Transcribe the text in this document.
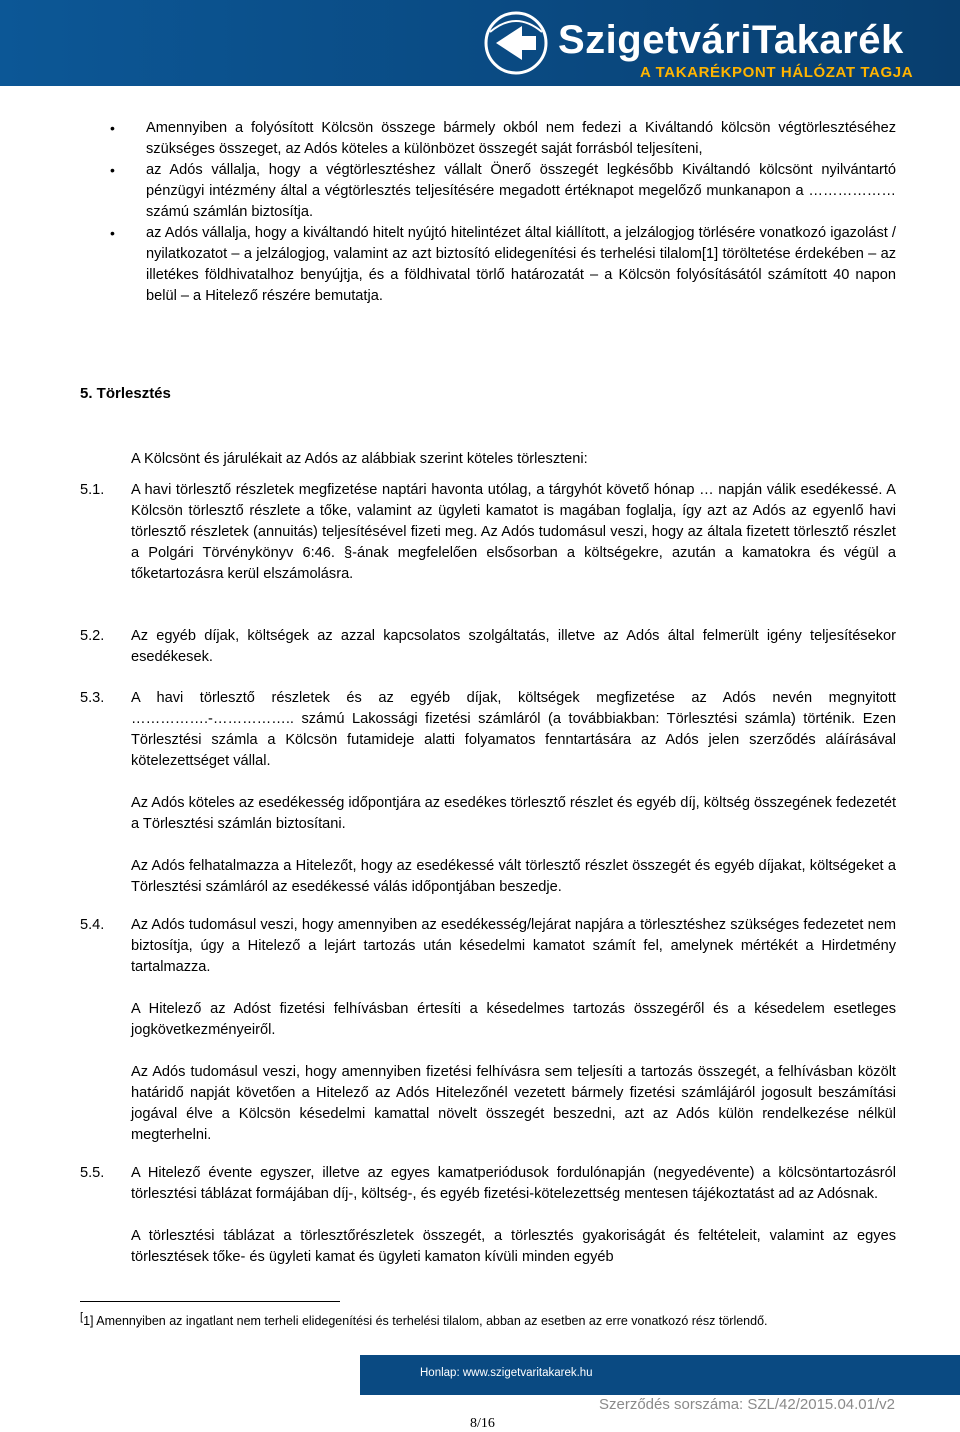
SzigetváriTakarék
A TAKARÉKPONT HÁLÓZAT TAGJA
• Amennyiben a folyósított Kölcsön összege bármely okból nem fedezi a Kiváltandó kölcsön végtörlesztéséhez szükséges összeget, az Adós köteles a különbözet összegét saját forrásból teljesíteni,
• az Adós vállalja, hogy a végtörlesztéshez vállalt Önerő összegét legkésőbb Kiváltandó kölcsönt nyilvántartó pénzügyi intézmény által a végtörlesztés teljesítésére megadott értéknapot megelőző munkanapon a ……………… számú számlán biztosítja.
• az Adós vállalja, hogy a kiváltandó hitelt nyújtó hitelintézet által kiállított, a jelzálogjog törlésére vonatkozó igazolást / nyilatkozatot – a jelzálogjog, valamint az azt biztosító elidegenítési és terhelési tilalom[1] töröltetése érdekében – az illetékes földhivatalhoz benyújtja, és a földhivatal törlő határozatát – a Kölcsön folyósításától számított 40 napon belül – a Hitelező részére bemutatja.
5. Törlesztés
A Kölcsönt és járulékait az Adós az alábbiak szerint köteles törleszteni:
5.1.	A havi törlesztő részletek megfizetése naptári havonta utólag, a tárgyhót követő hónap … napján válik esedékessé. A Kölcsön törlesztő részlete a tőke, valamint az ügyleti kamatot is magában foglalja, így azt az Adós az egyenlő havi törlesztő részletek (annuitás) teljesítésével fizeti meg. Az Adós tudomásul veszi, hogy az általa fizetett törlesztő részlet a Polgári Törvénykönyv 6:46. §-ának megfelelően elsősorban a költségekre, azután a kamatokra és végül a tőketartozásra kerül elszámolásra.

5.2.	Az egyéb díjak, költségek az azzal kapcsolatos szolgáltatás, illetve az Adós által felmerült igény teljesítésekor esedékesek.

5.3.	A havi törlesztő részletek és az egyéb díjak, költségek megfizetése az Adós nevén megnyitott …………….-…………….. számú Lakossági fizetési számláról (a továbbiakban: Törlesztési számla) történik. Ezen Törlesztési számla a Kölcsön futamideje alatti folyamatos fenntartására az Adós jelen szerződés aláírásával kötelezettséget vállal.

Az Adós köteles az esedékesség időpontjára az esedékes törlesztő részlet és egyéb díj, költség összegének fedezetét a Törlesztési számlán biztosítani.

Az Adós felhatalmazza a Hitelezőt, hogy az esedékessé vált törlesztő részlet összegét és egyéb díjakat, költségeket a Törlesztési számláról az esedékessé válás időpontjában beszedje.

5.4.	Az Adós tudomásul veszi, hogy amennyiben az esedékesség/lejárat napjára a törlesztéshez szükséges fedezetet nem biztosítja, úgy a Hitelező a lejárt tartozás után késedelmi kamatot számít fel, amelynek mértékét a Hirdetmény tartalmazza.

A Hitelező az Adóst fizetési felhívásban értesíti a késedelmes tartozás összegéről és a késedelem esetleges jogkövetkezményeiről.

Az Adós tudomásul veszi, hogy amennyiben fizetési felhívásra sem teljesíti a tartozás összegét, a felhívásban közölt határidő napját követően a Hitelező az Adós Hitelezőnél vezetett bármely fizetési számlájáról jogosult beszámítási jogával élve a Kölcsön késedelmi kamattal növelt összegét beszedni, azt az Adós külön rendelkezése nélkül megterhelni.

5.5.	A Hitelező évente egyszer, illetve az egyes kamatperiódusok fordulónapján (negyedévente) a kölcsöntartozásról törlesztési táblázat formájában díj-, költség-, és egyéb fizetési-kötelezettség mentesen tájékoztatást ad az Adósnak.

A törlesztési táblázat a törlesztőrészletek összegét, a törlesztés gyakoriságát és feltételeit, valamint az egyes törlesztések tőke- és ügyleti kamat és ügyleti kamaton kívüli minden egyéb

[1] Amennyiben az ingatlant nem terheli elidegenítési és terhelési tilalom, abban az esetben az erre vonatkozó rész törlendő.
Honlap: www.szigetvaritakarek.hu
Szerződés sorszáma: SZL/42/2015.04.01/v2
8/16
